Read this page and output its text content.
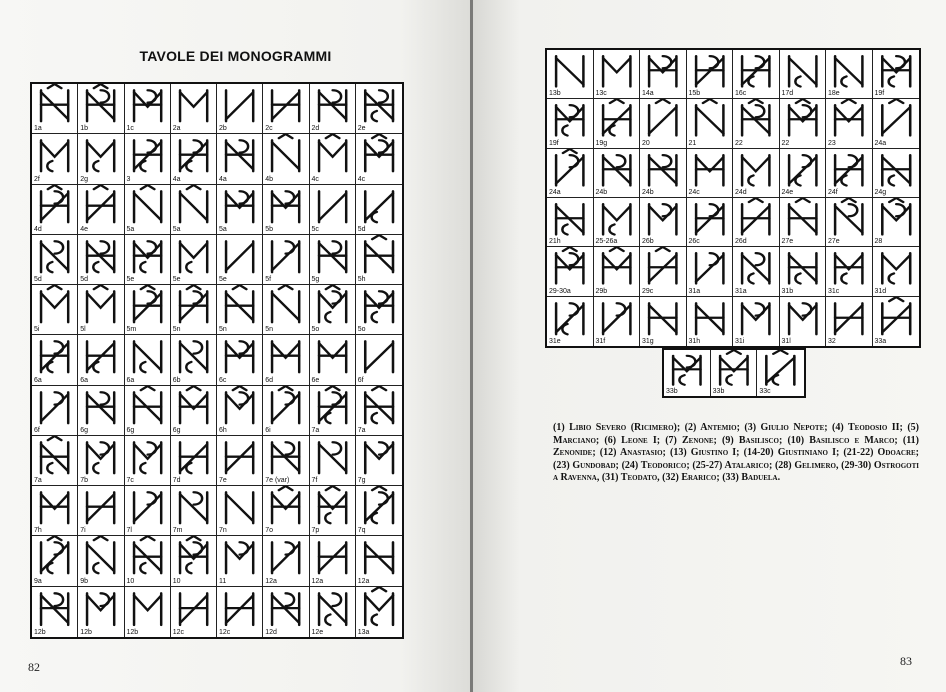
TAVOLE DEI MONOGRAMMI
1a	1b	1c	2a	2b	2c	2d	2e
2f	2g	3	4a	4a	4b	4c	4c
4d	4e	5a	5a	5a	5b	5c	5d
5d	5d	5e	5e	5e	5f	5g	5h
5i	5l	5m	5n	5n	5n	5o	5o
6a	6a	6a	6b	6c	6d	6e	6f
6f	6g	6g	6g	6h	6i	7a	7a
7a	7b	7c	7d	7e	7e (var)	7f	7g
7h	7i	7l	7m	7n	7o	7p	7q
9a	9b	10	10	11	12a	12a	12a
12b	12b	12b	12c	12c	12d	12e	13a
82
13b	13c	14a	15b	16c	17d	18e	19f
19f	19g	20	21	22	22	23	24a
24a	24b	24b	24c	24d	24e	24f	24g
21h	25-26a	26b	26c	26d	27e	27e	28
29-30a	29b	29c	31a	31a	31b	31c	31d
31e	31f	31g	31h	31i	31l	32	33a
33b	33b	33c
(1) Libio Severo (Ricimero); (2) Antemio; (3) Giulio Nepote; (4) Teodosio II; (5) Marciano; (6) Leone I; (7) Zenone; (9) Basilisco; (10) Basilisco e Marco; (11) Zenonide; (12) Anastasio; (13) Giustino I; (14-20) Giustiniano I; (21-22) Odoacre; (23) Gundobad; (24) Teodorico; (25-27) Atalarico; (28) Gelimero, (29-30) Ostrogoti a Ravenna, (31) Teodato, (32) Erarico; (33) Baduela.
83
